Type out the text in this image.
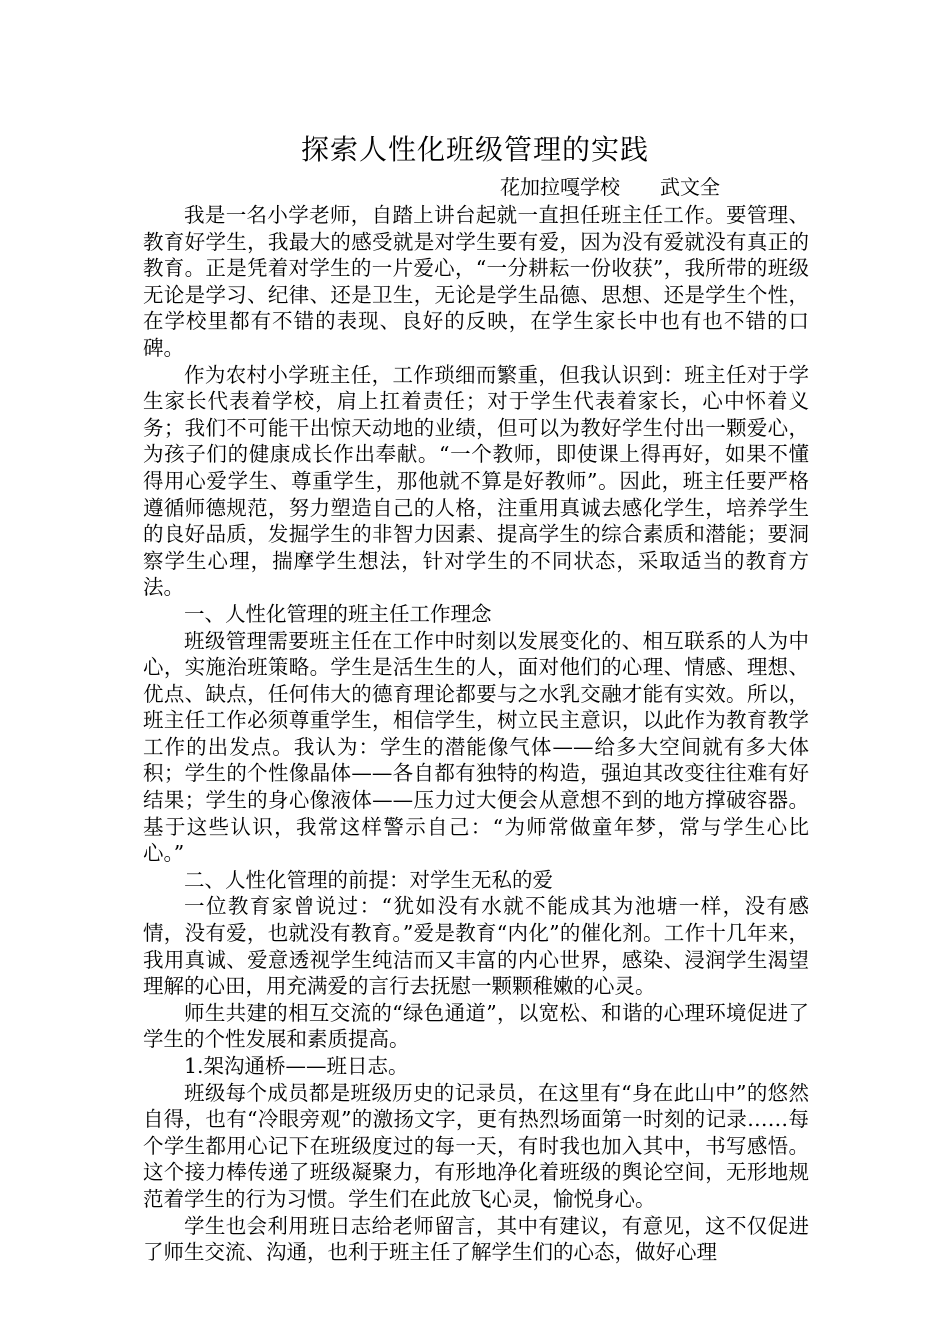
探索人性化班级管理的实践
花加拉嘎学校 武文全

我是一名小学老师，自踏上讲台起就一直担任班主任工作。要管理、教育好学生，我最大的感受就是对学生要有爱，因为没有爱就没有真正的教育。正是凭着对学生的一片爱心，“一分耕耘一份收获”，我所带的班级无论是学习、纪律、还是卫生，无论是学生品德、思想、还是学生个性，在学校里都有不错的表现、良好的反映，在学生家长中也有也不错的口碑。

作为农村小学班主任，工作琐细而繁重，但我认识到：班主任对于学生家长代表着学校，肩上扛着责任；对于学生代表着家长，心中怀着义务；我们不可能干出惊天动地的业绩，但可以为教好学生付出一颗爱心，为孩子们的健康成长作出奉献。“一个教师，即使课上得再好，如果不懂得用心爱学生、尊重学生，那他就不算是好教师”。因此，班主任要严格遵循师德规范，努力塑造自己的人格，注重用真诚去感化学生，培养学生的良好品质，发掘学生的非智力因素、提高学生的综合素质和潜能；要洞察学生心理，揣摩学生想法，针对学生的不同状态，采取适当的教育方法。

一、人性化管理的班主任工作理念

班级管理需要班主任在工作中时刻以发展变化的、相互联系的人为中心，实施治班策略。学生是活生生的人，面对他们的心理、情感、理想、优点、缺点，任何伟大的德育理论都要与之水乳交融才能有实效。所以，班主任工作必须尊重学生，相信学生，树立民主意识，以此作为教育教学工作的出发点。我认为：学生的潜能像气体——给多大空间就有多大体积；学生的个性像晶体——各自都有独特的构造，强迫其改变往往难有好结果；学生的身心像液体——压力过大便会从意想不到的地方撑破容器。基于这些认识，我常这样警示自己：“为师常做童年梦，常与学生心比心。”

二、人性化管理的前提：对学生无私的爱

一位教育家曾说过：“犹如没有水就不能成其为池塘一样，没有感情，没有爱，也就没有教育。”爱是教育“内化”的催化剂。工作十几年来，我用真诚、爱意透视学生纯洁而又丰富的内心世界，感染、浸润学生渴望理解的心田，用充满爱的言行去抚慰一颗颗稚嫩的心灵。

师生共建的相互交流的“绿色通道”，以宽松、和谐的心理环境促进了学生的个性发展和素质提高。

1.架沟通桥——班日志。

班级每个成员都是班级历史的记录员，在这里有“身在此山中”的悠然自得，也有“冷眼旁观”的激扬文字，更有热烈场面第一时刻的记录……每个学生都用心记下在班级度过的每一天，有时我也加入其中，书写感悟。这个接力棒传递了班级凝聚力，有形地净化着班级的舆论空间，无形地规范着学生的行为习惯。学生们在此放飞心灵，愉悦身心。

学生也会利用班日志给老师留言，其中有建议，有意见，这不仅促进了师生交流、沟通，也利于班主任了解学生们的心态，做好心理
